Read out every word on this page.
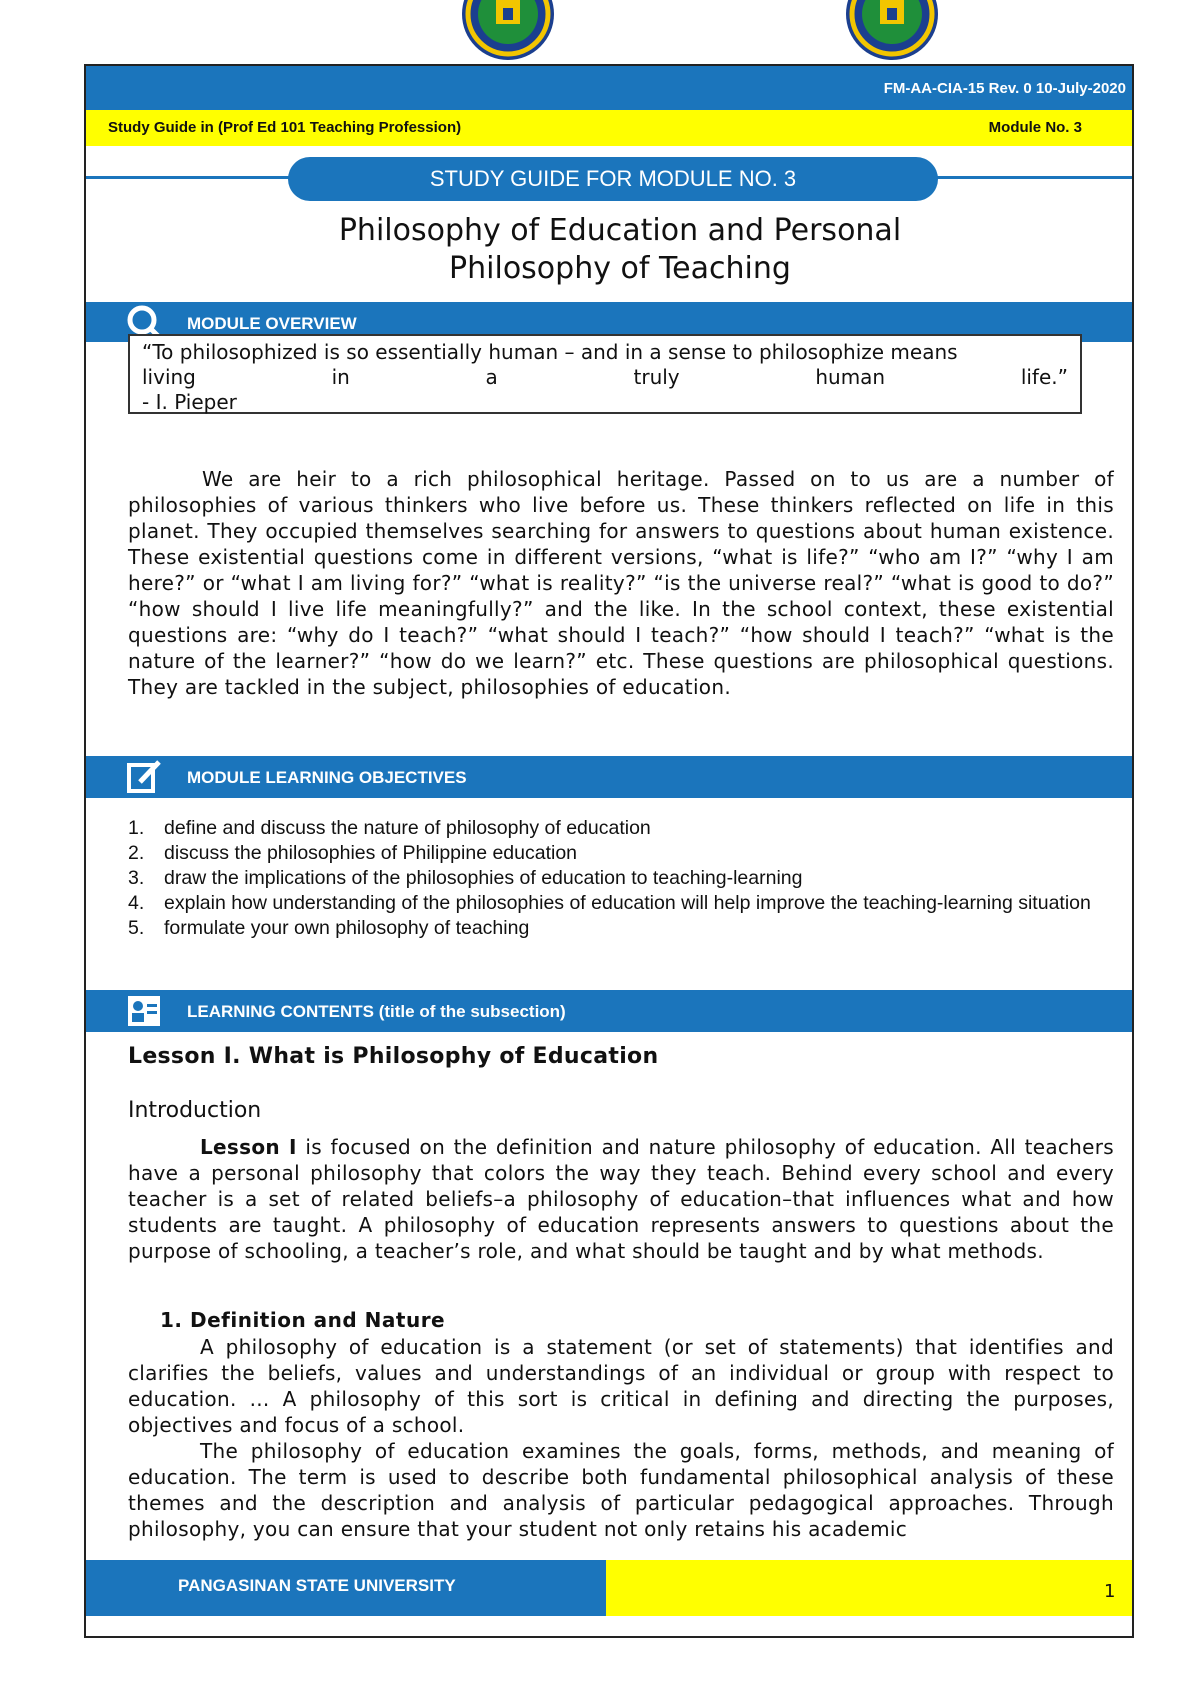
FM-AA-CIA-15 Rev. 0 10-July-2020
Study Guide in (Prof Ed 101 Teaching Profession)	Module No. 3
STUDY GUIDE FOR MODULE NO. 3
Philosophy of Education and Personal
Philosophy of Teaching
MODULE OVERVIEW
“To philosophized is so essentially human – and in a sense to philosophize means
living	in	a	truly	human	life.”
- I. Pieper
We are heir to a rich philosophical heritage. Passed on to us are a number of philosophies of various thinkers who live before us. These thinkers reflected on life in this planet. They occupied themselves searching for answers to questions about human existence. These existential questions come in different versions, “what is life?” “who am I?” “why I am here?” or “what I am living for?” “what is reality?” “is the universe real?” “what is good to do?” “how should I live life meaningfully?” and the like. In the school context, these existential questions are: “why do I teach?” “what should I teach?” “how should I teach?” “what is the nature of the learner?” “how do we learn?” etc. These questions are philosophical questions. They are tackled in the subject, philosophies of education.
MODULE LEARNING OBJECTIVES
1. define and discuss the nature of philosophy of education
2. discuss the philosophies of Philippine education
3. draw the implications of the philosophies of education to teaching-learning
4. explain how understanding of the philosophies of education will help improve the teaching-learning situation
5. formulate your own philosophy of teaching
LEARNING CONTENTS (title of the subsection)
Lesson I. What is Philosophy of Education
Introduction
Lesson I is focused on the definition and nature philosophy of education. All teachers have a personal philosophy that colors the way they teach. Behind every school and every teacher is a set of related beliefs–a philosophy of education–that influences what and how students are taught. A philosophy of education represents answers to questions about the purpose of schooling, a teacher’s role, and what should be taught and by what methods.
1. Definition and Nature
A philosophy of education is a statement (or set of statements) that identifies and clarifies the beliefs, values and understandings of an individual or group with respect to education. ... A philosophy of this sort is critical in defining and directing the purposes, objectives and focus of a school.
The philosophy of education examines the goals, forms, methods, and meaning of education. The term is used to describe both fundamental philosophical analysis of these themes and the description and analysis of particular pedagogical approaches. Through philosophy, you can ensure that your student not only retains his academic
PANGASINAN STATE UNIVERSITY	1
